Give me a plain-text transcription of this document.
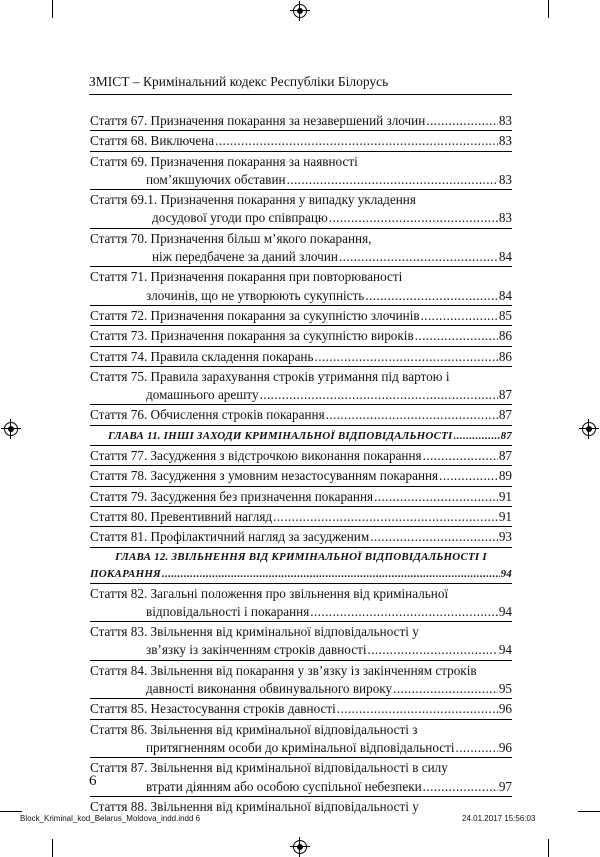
ЗМІСТ – Кримінальний кодекс Республіки Білорусь
Стаття 67. Призначення покарання за незавершений злочин .....	83
Стаття 68. Виключена .....	83
Стаття 69. Призначення покарання за наявності
пом’якшуючих обставин .....	83
Стаття 69.1. Призначення покарання у випадку укладення
досудової угоди про співпрацю .....	83
Стаття 70. Призначення більш м’якого покарання,
ніж передбачене за даний злочин .....	84
Стаття 71. Призначення покарання при повторюваності
злочинів, що не утворюють сукупність .....	84
Стаття 72. Призначення покарання за сукупністю злочинів .....	85
Стаття 73. Призначення покарання за сукупністю вироків .....	86
Стаття 74. Правила складення покарань .....	86
Стаття 75. Правила зарахування строків утримання під вартою і
домашнього арешту .....	87
Стаття 76. Обчислення строків покарання .....	87
ГЛАВА 11. ІНШІ ЗАХОДИ КРИМІНАЛЬНОЇ ВІДПОВІДАЛЬНОСТІ .....	87
Стаття 77. Засудження з відстрочкою виконання покарання .....	87
Стаття 78. Засудження з умовним незастосуванням покарання .....	89
Стаття 79. Засудження без призначення покарання .....	91
Стаття 80. Превентивний нагляд .....	91
Стаття 81. Профілактичний нагляд за засудженим .....	93
ГЛАВА 12. ЗВІЛЬНЕННЯ ВІД КРИМІНАЛЬНОЇ ВІДПОВІДАЛЬНОСТІ І
ПОКАРАННЯ .....	94
Стаття 82. Загальні положення про звільнення від кримінальної
відповідальності і покарання .....	94
Стаття 83. Звільнення від кримінальної відповідальності у
зв’язку із закінченням строків давності .....	94
Стаття 84. Звільнення від покарання у зв’язку із закінченням строків
давності виконання обвинувального вироку .....	95
Стаття 85. Незастосування строків давності .....	96
Стаття 86. Звільнення від кримінальної відповідальності з
притягненням особи до кримінальної відповідальності .....	96
Стаття 87. Звільнення від кримінальної відповідальності в силу
втрати діянням або особою суспільної небезпеки .....	97
Стаття 88. Звільнення від кримінальної відповідальності у
6
Block_Kriminal_kod_Belarus_Moldova_indd.indd 6	24.01.2017 15:56:03
